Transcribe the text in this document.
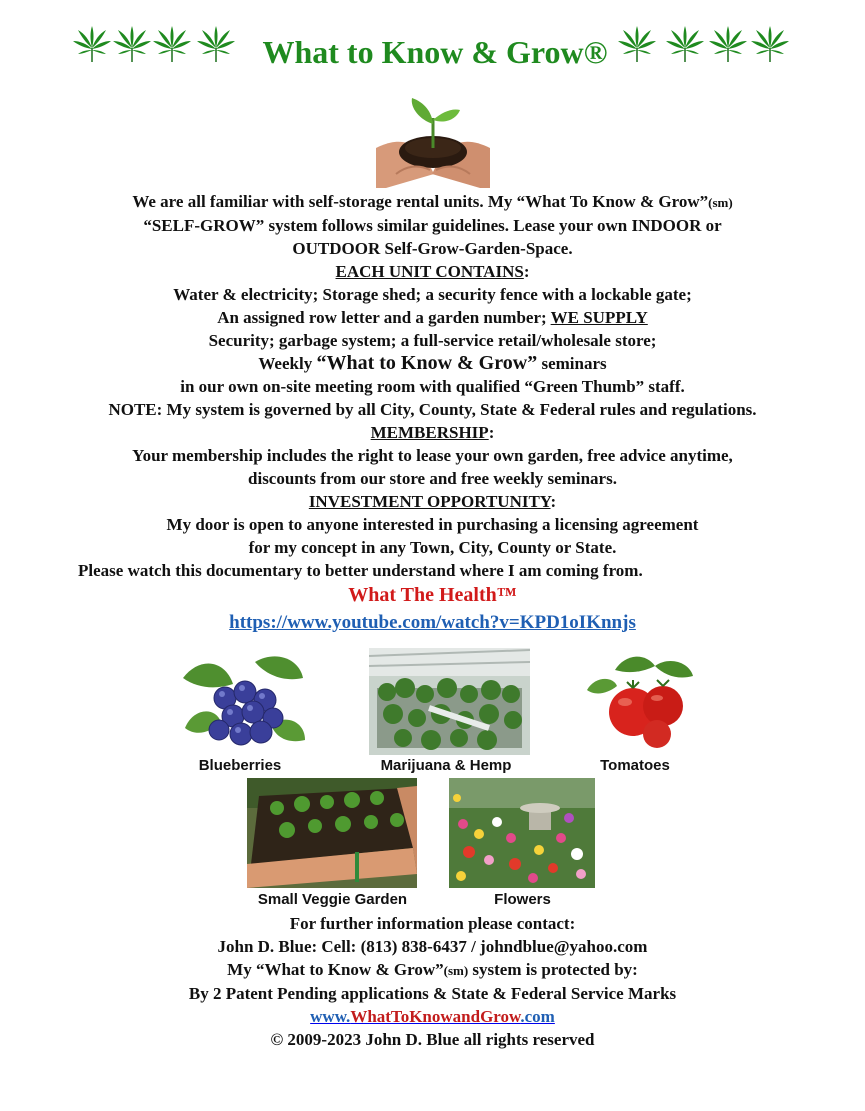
What to Know & Grow®

We are all familiar with self-storage rental units. My “What To Know & Grow”(sm)

“SELF-GROW” system follows similar guidelines. Lease your own INDOOR or

OUTDOOR Self-Grow-Garden-Space.

EACH UNIT CONTAINS:

Water & electricity; Storage shed; a security fence with a lockable gate;

An assigned row letter and a garden number; WE SUPPLY

Security; garbage system; a full-service retail/wholesale store;

Weekly “What to Know & Grow” seminars

in our own on-site meeting room with qualified “Green Thumb” staff.

NOTE: My system is governed by all City, County, State & Federal rules and regulations.

MEMBERSHIP:

Your membership includes the right to lease your own garden, free advice anytime,

discounts from our store and free weekly seminars.

INVESTMENT OPPORTUNITY:

My door is open to anyone interested in purchasing a licensing agreement

for my concept in any Town, City, County or State.

Please watch this documentary to better understand where I am coming from.

What The Health™

https://www.youtube.com/watch?v=KPD1oIKnnjs

Blueberries	Marijuana & Hemp	Tomatoes
Small Veggie Garden	Flowers

For further information please contact:

John D. Blue: Cell: (813) 838-6437 / johndblue@yahoo.com

My “What to Know & Grow”(sm) system is protected by:

By 2 Patent Pending applications & State & Federal Service Marks

www.WhatToKnowandGrow.com

© 2009-2023 John D. Blue all rights reserved
